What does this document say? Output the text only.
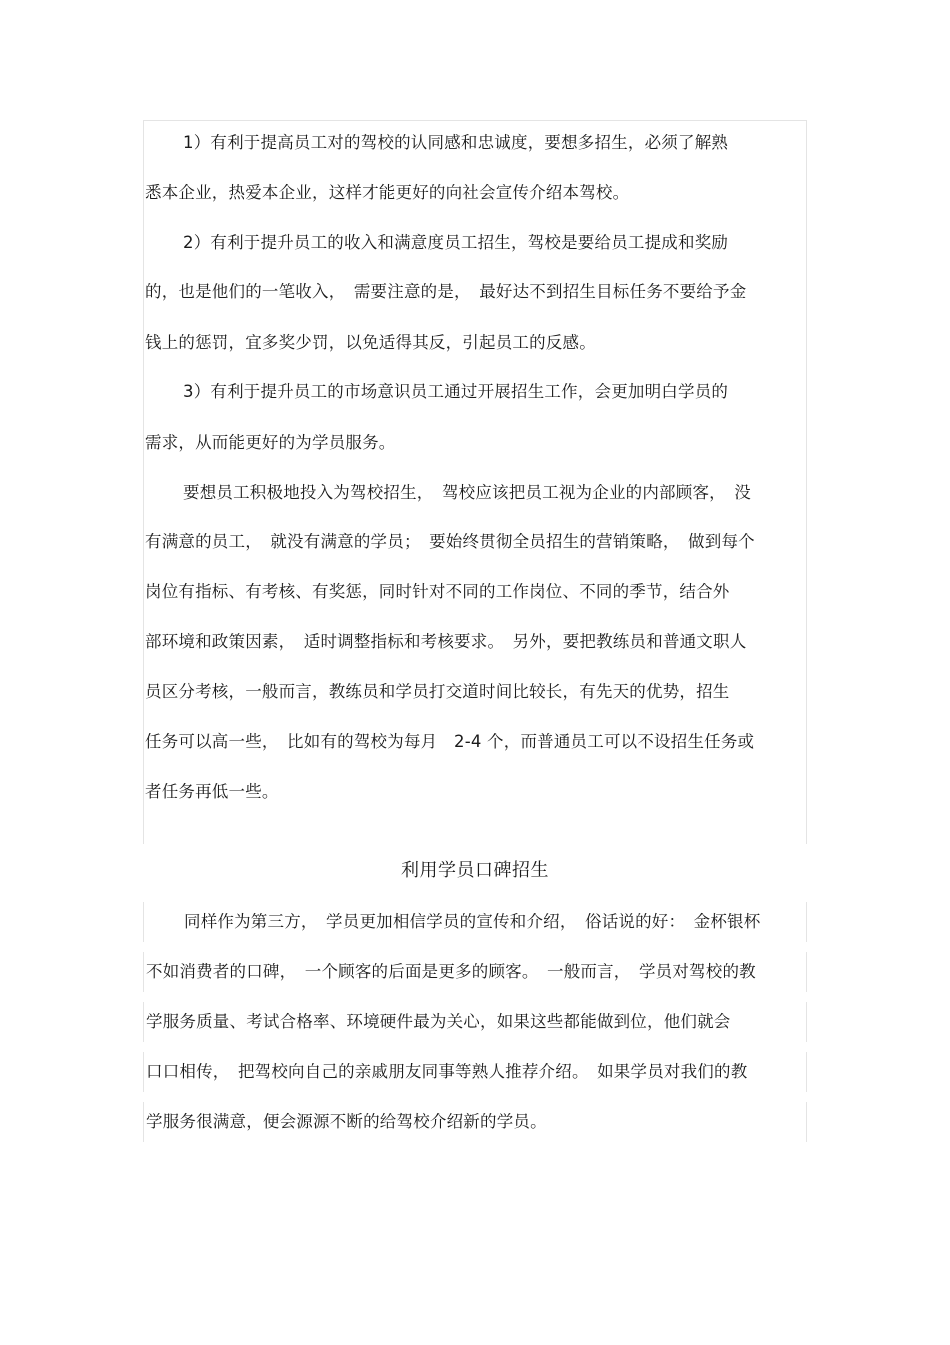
1）有利于提高员工对的驾校的认同感和忠诚度，要想多招生，必须了解熟
悉本企业，热爱本企业，这样才能更好的向社会宣传介绍本驾校。
2）有利于提升员工的收入和满意度员工招生，驾校是要给员工提成和奖励
的，也是他们的一笔收入，　需要注意的是，　最好达不到招生目标任务不要给予金
钱上的惩罚，宜多奖少罚，以免适得其反，引起员工的反感。
3）有利于提升员工的市场意识员工通过开展招生工作，会更加明白学员的
需求，从而能更好的为学员服务。
要想员工积极地投入为驾校招生，　驾校应该把员工视为企业的内部顾客，　没
有满意的员工，　就没有满意的学员；　要始终贯彻全员招生的营销策略，　做到每个
岗位有指标、有考核、有奖惩，同时针对不同的工作岗位、不同的季节，结合外
部环境和政策因素，　适时调整指标和考核要求。　另外，要把教练员和普通文职人
员区分考核，一般而言，教练员和学员打交道时间比较长，有先天的优势，招生
任务可以高一些，　比如有的驾校为每月　2-4 个，而普通员工可以不设招生任务或
者任务再低一些。
利用学员口碑招生
同样作为第三方，　学员更加相信学员的宣传和介绍，　俗话说的好：　金杯银杯
不如消费者的口碑，　一个顾客的后面是更多的顾客。　一般而言，　学员对驾校的教
学服务质量、考试合格率、环境硬件最为关心，如果这些都能做到位，他们就会
口口相传，　把驾校向自己的亲戚朋友同事等熟人推荐介绍。　如果学员对我们的教
学服务很满意，便会源源不断的给驾校介绍新的学员。
